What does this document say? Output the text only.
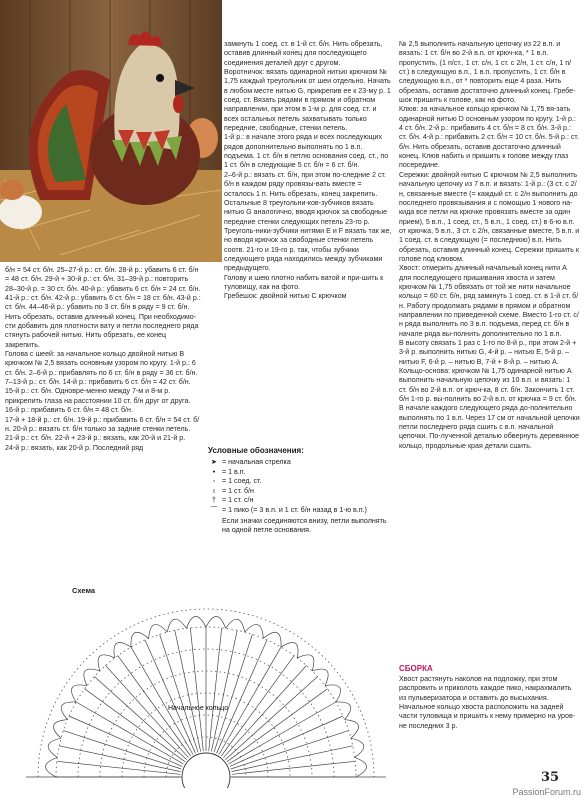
б/н = 54 ст. б/н. 25–27-й р.: ст. б/н. 28-й р.: убавить 6 ст. б/н = 48 ст. б/н. 29-й + 30-й р.: ст. б/н. 31–39-й р.: повторить 28–30-й р. = 30 ст. б/н. 40-й р.: убавить 6 ст. б/н = 24 ст. б/н. 41-й р.: ст. б/н. 42-й р.: убавить 6 ст. б/н = 18 ст. б/н. 43-й р.: ст. б/н. 44–46-й р.: убавить по 3 ст. б/н в ряду = 9 ст. б/н. Нить обрезать, оставив длинный конец. При необходимо-сти добавить для плотности вату и петли последнего ряда стянуть рабочей нитью. Нить обрезать, ее конец закрепить.
Голова с шеей: за начальное кольцо двойной нитью В крючком № 2,5 вязать основным узором по кругу. 1-й р.: 6 ст. б/н. 2–6-й р.: прибавлять по 6 ст. б/н в ряду = 36 ст. б/н. 7–13-й р.: ст. б/н. 14-й р.: прибавить 6 ст. б/н = 42 ст. б/н. 15-й р.: ст. б/н. Одновре-менно между 7-м и 8-м р. прикрепить глаза на расстоянии 10 ст. б/н друг от друга.
16-й р.: прибавить 6 ст. б/н = 48 ст. б/н.
17-й + 18-й р.: ст. б/н. 19-й р.: прибавить 6 ст. б/н = 54 ст. б/н. 20-й р.: вязать ст. б/н только за задние стенки петель. 21-й р.: ст. б/н. 22-й + 23-й р.: вязать, как 20-й и 21-й р.
24-й р.: вязать, как 20-й р. Последний ряд
замкнуть 1 соед. ст. в 1-й ст. б/н. Нить обрезать, оставив длинный конец для последующего соединения деталей друг с другом.
Воротничок: вязать одинарной нитью крючком № 1,75 каждый треугольник от шеи отдельно. Начать в любом месте нитью G, прикрепив ее к 23-му р. 1 соед. ст. Вязать рядами в прямом и обратном направлении, при этом в 1-м р. для соед. ст. и всех остальных петель захватывать только передние, свободные, стенки петель.
1-й р.: в начале этого ряда и всех последующих рядов дополнительно выполнять по 1 в.п. подъема. 1 ст. б/н в петлю основания соед. ст., по 1 ст. б/н в следующие 5 ст. б/н = 6 ст. б/н.
2–6-й р.: вязать ст. б/н, при этом по-следние 2 ст. б/н в каждом ряду провязы-вать вместе = осталось 1 п. Нить обрезать, конец закрепить. Остальные 8 треугольни-ков-зубчиков вязать нитью G аналогично, вводя крючок за свободные передние стенки следующих петель 23-го р. Треуголь-ники-зубчики нитями E и F вязать так же, но вводя крючок за свободные стенки петель соотв. 21-го и 19-го р. так, чтобы зубчики следующего ряда находились между зубчиками предыдущего.
Голову и шею плотно набить ватой и при-шить к туловищу, как на фото.
Гребешок: двойной нитью С крючком
№ 2,5 выполнить начальную цепочку из 22 в.п. и вязать: 1 ст. б/н во 2-й в.п. от крюч-ка, * 1 в.п. пропустить, (1 п/ст., 1 ст. с/н, 1 ст. с 2/н, 1 ст. с/н, 1 п/ст.) в следующую в.п., 1 в.п. пропустить, 1 ст. б/н в следующую в.п., от * повторить еще 4 раза. Нить обрезать, оставив достаточно длинный конец. Гребе-шок пришить к голове, как на фото.
Клюв: за начальное кольцо крючком № 1,75 вя-зать одинарной нитью D основным узором по кругу. 1-й р.: 4 ст. б/н. 2-й р.: прибавить 4 ст. б/н = 8 ст. б/н. 3-й р.: ст. б/н. 4-й р.: прибавить 2 ст. б/н = 10 ст. б/н. 5-й р.: ст. б/н. Нить обрезать, оставив достаточно длинный конец. Клюв набить и пришить к голове между глаз посередине.
Сережки: двойной нитью С крючком № 2,5 выполнить начальную цепочку из 7 в.п. и вязать: 1-й р.: (3 ст. с 2/н, связанные вместе (= каждый ст. с 2/н выполнить до последнего провязывания и с помощью 1 нового на-кида все петли на крючке провязать вместе за один прием), 5 в.п., 1 соед. ст., 5 в.п., 1 соед. ст.) в 6-ю в.п. от крючка, 5 в.п., 3 ст. с 2/н, связанные вместе, 5 в.п. и 1 соед. ст. в следующую (= последнюю) в.п. Нить обрезать, оставив длинный конец. Сережки пришить к голове под клювом.
Хвост: отмерить длинный начальный конец нити А для последующего пришивания хвоста и затем крючком № 1,75 обвязать от той же нити начальное кольцо = 60 ст. б/н, ряд замкнуть 1 соед. ст. в 1-й ст. б/н. Работу продолжать рядами в прямом и обратном направлении по приведенной схеме. Вместо 1-го ст. с/н ряда выполнить по 3 в.п. подъема, перед ст. б/н в начале ряда вы-полнить дополнительно по 1 в.п.
В высоту связать 1 раз с 1-го по 8-й р., при этом 2-й + 3-й р. выполнить нитью G, 4-й р. – нитью E, 5-й р. – нитью F, 6-й р. – нитью B, 7-й + 8-й р. – нитью А.
Кольцо-основа: крючком № 1,75 одинарной нитью А выполнить начальную цепочку из 10 в.п. и вязать: 1 ст. б/н во 2-й в.п. от крюч-ка, 8 ст. б/н. Закончить 1 ст. б/н 1-го р. вы-полнить во 2-й в.п. от крючка = 9 ст. б/н.
В начале каждого следующего ряда до-полнительно выполнять по 1 в.п. Через 17 см от начальной цепочки петли последнего ряда сшить с в.п. начальной цепочки. По-лученной деталью обвернуть деревянное кольцо, продольные края детали сшить.
Условные обозначения:
➤ = начальная стрелка
• = 1 в.п.
◦ = 1 соед. ст.
ı = 1 ст. б/н
† = 1 ст. с/н
⌒ = 1 пико (= 3 в.п. и 1 ст. б/н назад в 1-ю в.п.)
Если значки соединяются внизу, петли выполнять на одной петле основания.
Схема
Начальное кольцо
СБОРКА
Хвост растянуть наколов на подложку, при этом распровить и приколоть каждое пико, накрахмалить из пульверизатора и оставить до высыхания. Начальное кольцо хвоста расположить на задней части туловища и пришить к нему примерно на уров-не последних 3 р.
35
PassionForum.ru
